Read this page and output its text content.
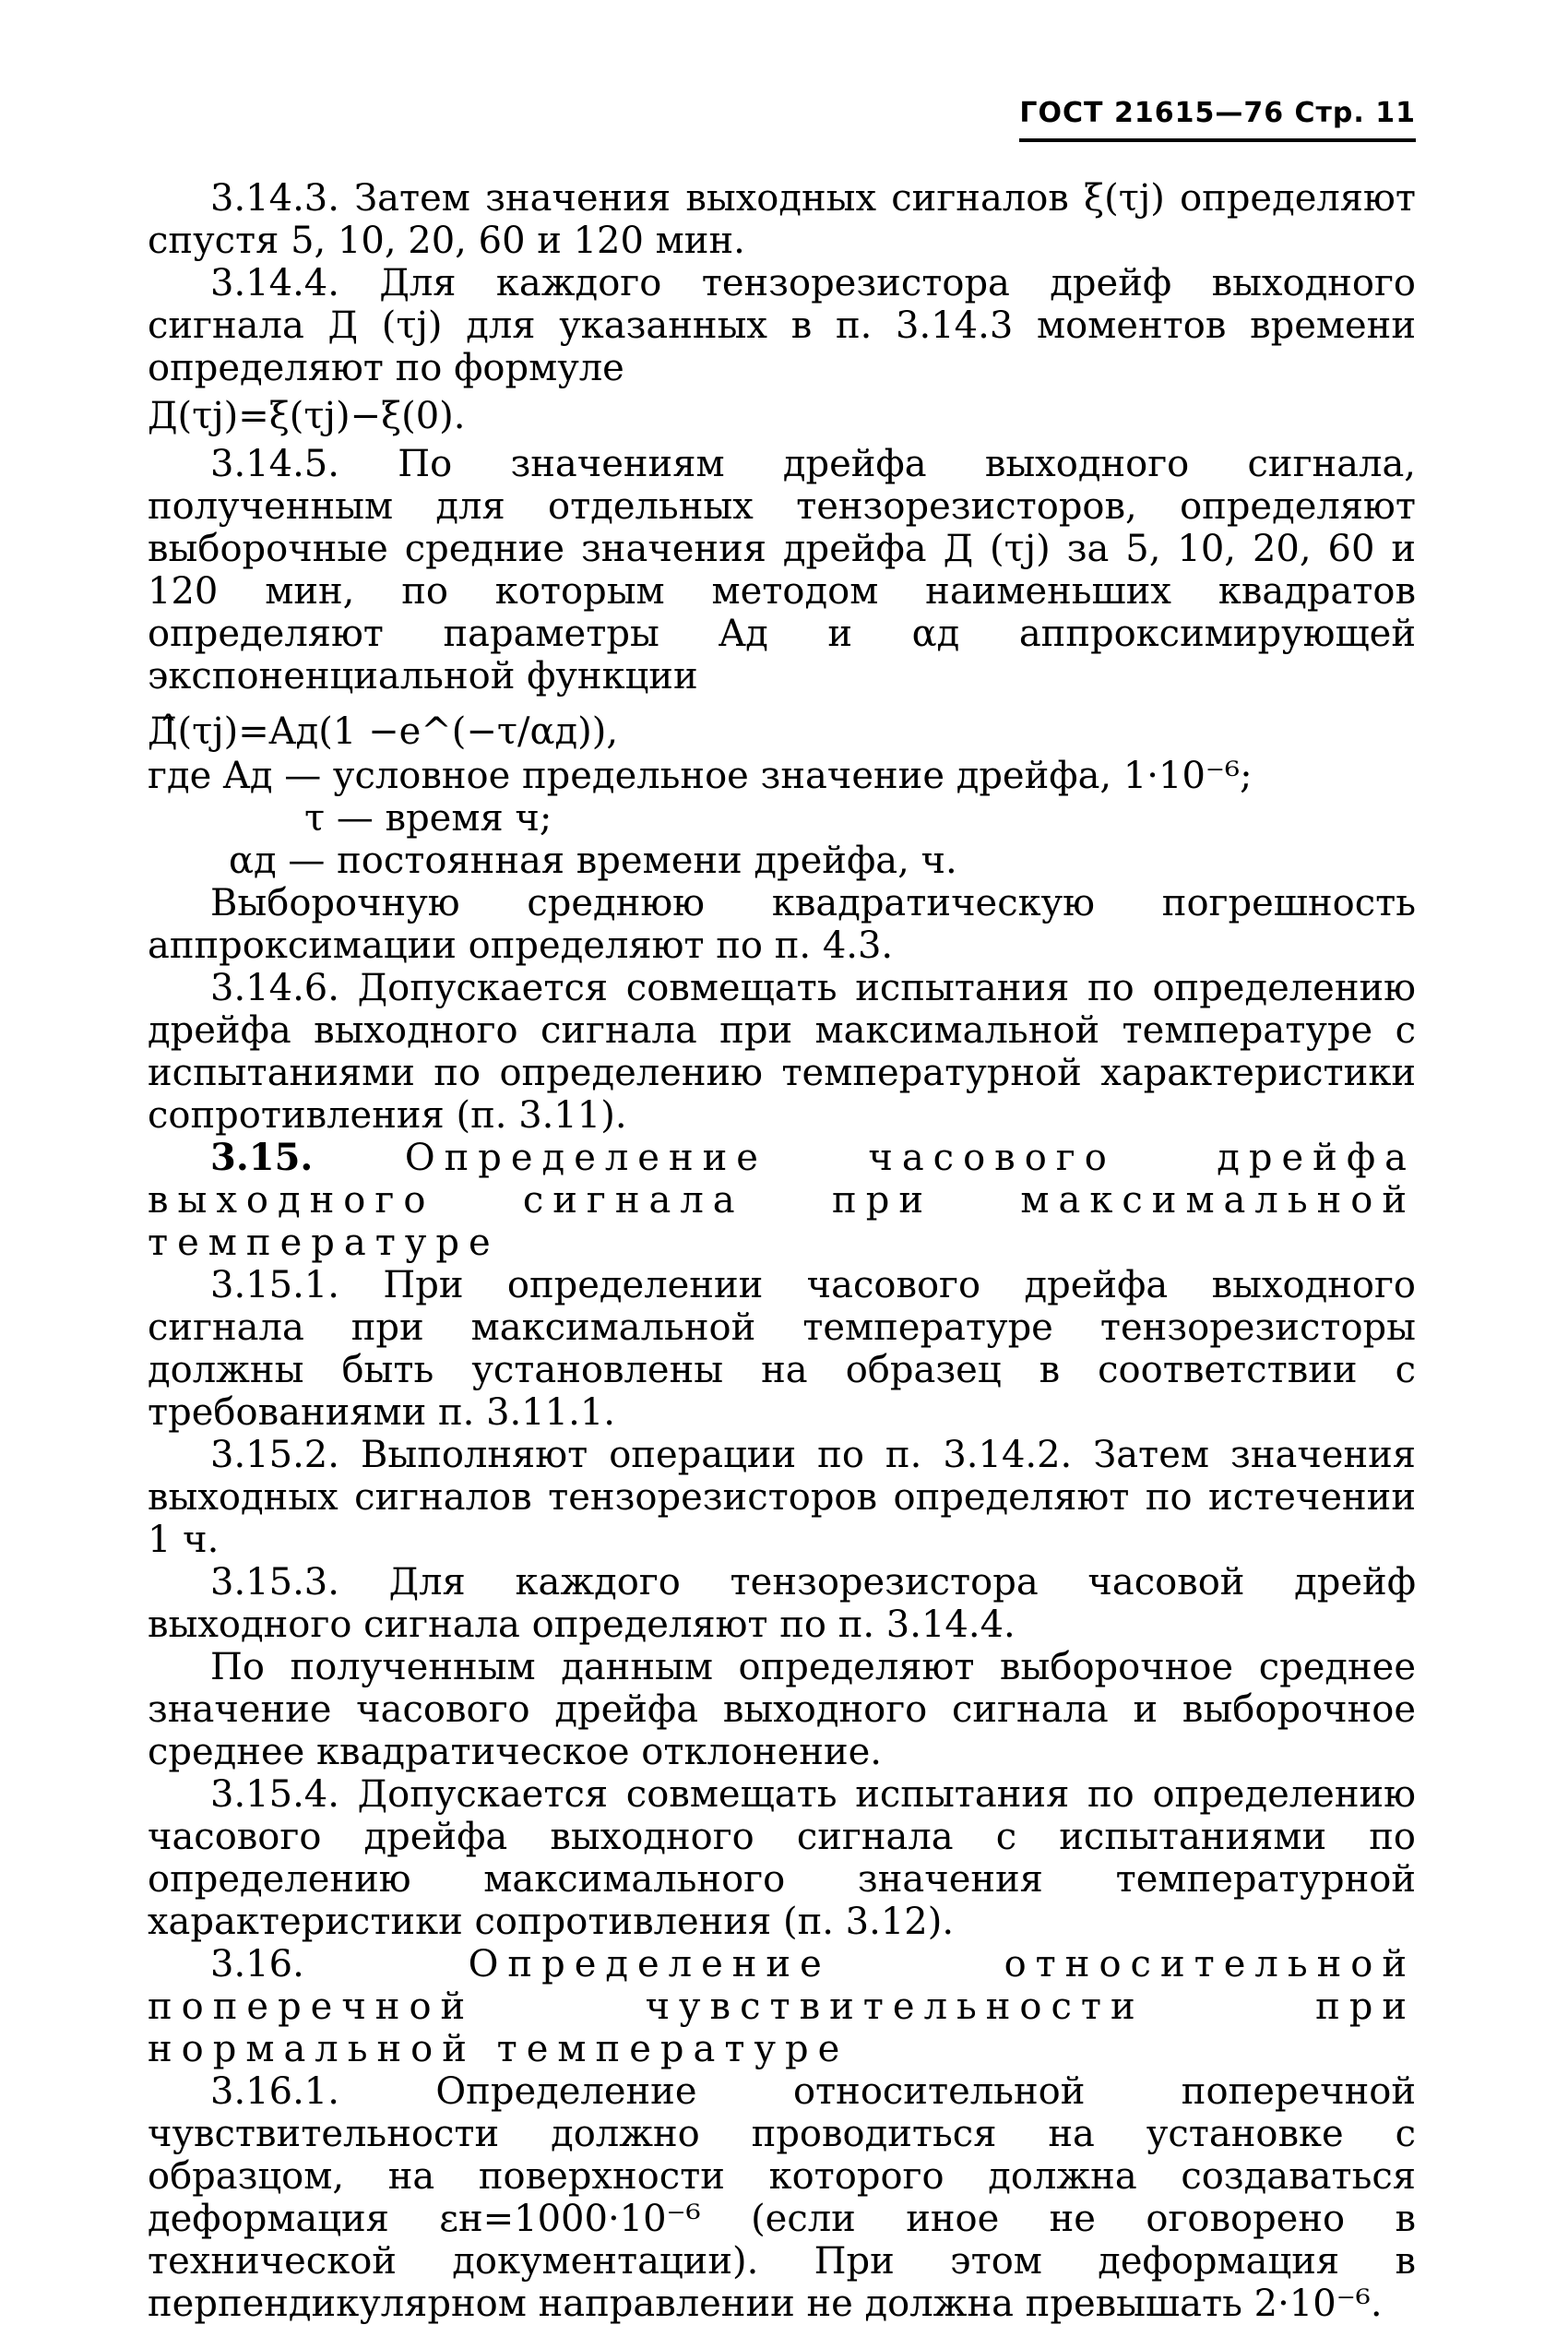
ГОСТ 21615—76 Стр. 11

3.14.3. Затем значения выходных сигналов ξ(τj) определяют спустя 5, 10, 20, 60 и 120 мин.

3.14.4. Для каждого тензорезистора дрейф выходного сигнала Д (τj) для указанных в п. 3.14.3 моментов времени определяют по формуле

Д(τj)=ξ(τj)−ξ(0).

3.14.5. По значениям дрейфа выходного сигнала, полученным для отдельных тензорезисторов, определяют выборочные средние значения дрейфа Д (τj) за 5, 10, 20, 60 и 120 мин, по которым методом наименьших квадратов определяют параметры Aд и αд аппроксимирующей экспоненциальной функции

Д̂(τj)=Aд(1 −e^(−τ/αд)),

где Aд — условное предельное значение дрейфа, 1·10⁻⁶;

τ — время ч;

αд — постоянная времени дрейфа, ч.

Выборочную среднюю квадратическую погрешность аппроксимации определяют по п. 4.3.

3.14.6. Допускается совмещать испытания по определению дрейфа выходного сигнала при максимальной температуре с испытаниями по определению температурной характеристики сопротивления (п. 3.11).

3.15. Определение часового дрейфа выходного сигнала при максимальной температуре

3.15.1. При определении часового дрейфа выходного сигнала при максимальной температуре тензорезисторы должны быть установлены на образец в соответствии с требованиями п. 3.11.1.

3.15.2. Выполняют операции по п. 3.14.2. Затем значения выходных сигналов тензорезисторов определяют по истечении 1 ч.

3.15.3. Для каждого тензорезистора часовой дрейф выходного сигнала определяют по п. 3.14.4.

По полученным данным определяют выборочное среднее значение часового дрейфа выходного сигнала и выборочное среднее квадратическое отклонение.

3.15.4. Допускается совмещать испытания по определению часового дрейфа выходного сигнала с испытаниями по определению максимального значения температурной характеристики сопротивления (п. 3.12).

3.16.	Определение относительной поперечной чувствительности при нормальной температуре

3.16.1. Определение относительной поперечной чувствительности должно проводиться на установке с образцом, на поверхности которого должна создаваться деформация εн=1000·10⁻⁶ (если иное не оговорено в технической документации). При этом деформация в перпендикулярном направлении не должна превышать 2·10⁻⁶.
